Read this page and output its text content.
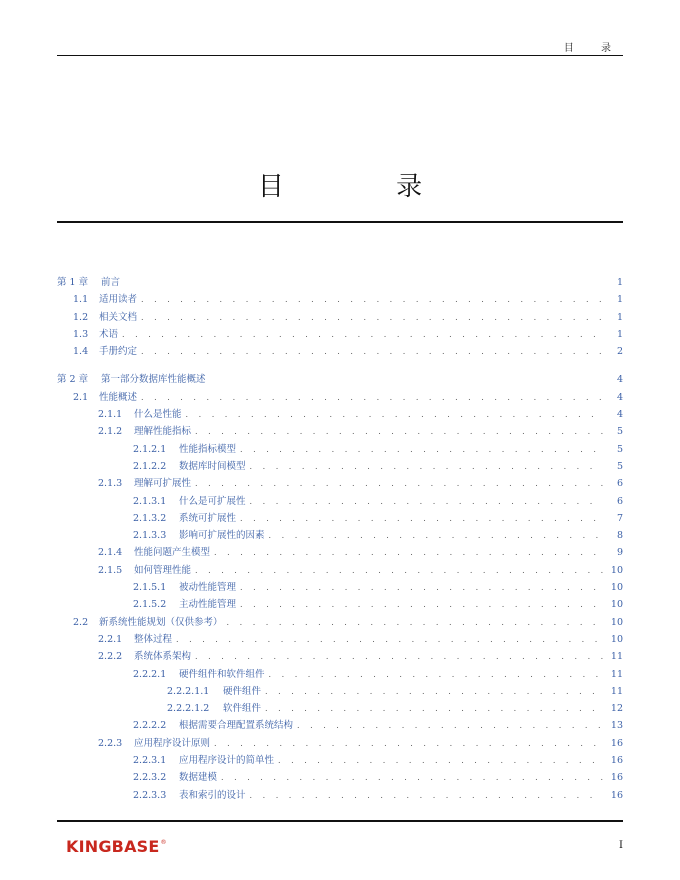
目 录
目 录
第 1 章	前言	1
1.1	适用读者 . . .	1
1.2	相关文档 . . .	1
1.3	术语 . . .	1
1.4	手册约定 . . .	2
第 2 章	第一部分数据库性能概述	4
2.1	性能概述 . . .	4
2.1.1	什么是性能 . . .	4
2.1.2	理解性能指标 . . .	5
2.1.2.1	性能指标模型 . . .	5
2.1.2.2	数据库时间模型 . . .	5
2.1.3	理解可扩展性 . . .	6
2.1.3.1	什么是可扩展性 . . .	6
2.1.3.2	系统可扩展性 . . .	7
2.1.3.3	影响可扩展性的因素 . . .	8
2.1.4	性能问题产生模型 . . .	9
2.1.5	如何管理性能 . . .	10
2.1.5.1	被动性能管理 . . .	10
2.1.5.2	主动性能管理 . . .	10
2.2	新系统性能规划（仅供参考） . . .	10
2.2.1	整体过程 . . .	10
2.2.2	系统体系架构 . . .	11
2.2.2.1	硬件组件和软件组件 . . .	11
2.2.2.1.1	硬件组件 . . .	11
2.2.2.1.2	软件组件 . . .	12
2.2.2.2	根据需要合理配置系统结构 . . .	13
2.2.3	应用程序设计原则 . . .	16
2.2.3.1	应用程序设计的简单性 . . .	16
2.2.3.2	数据建模 . . .	16
2.2.3.3	表和索引的设计 . . .	16
KINGBASE®	I
